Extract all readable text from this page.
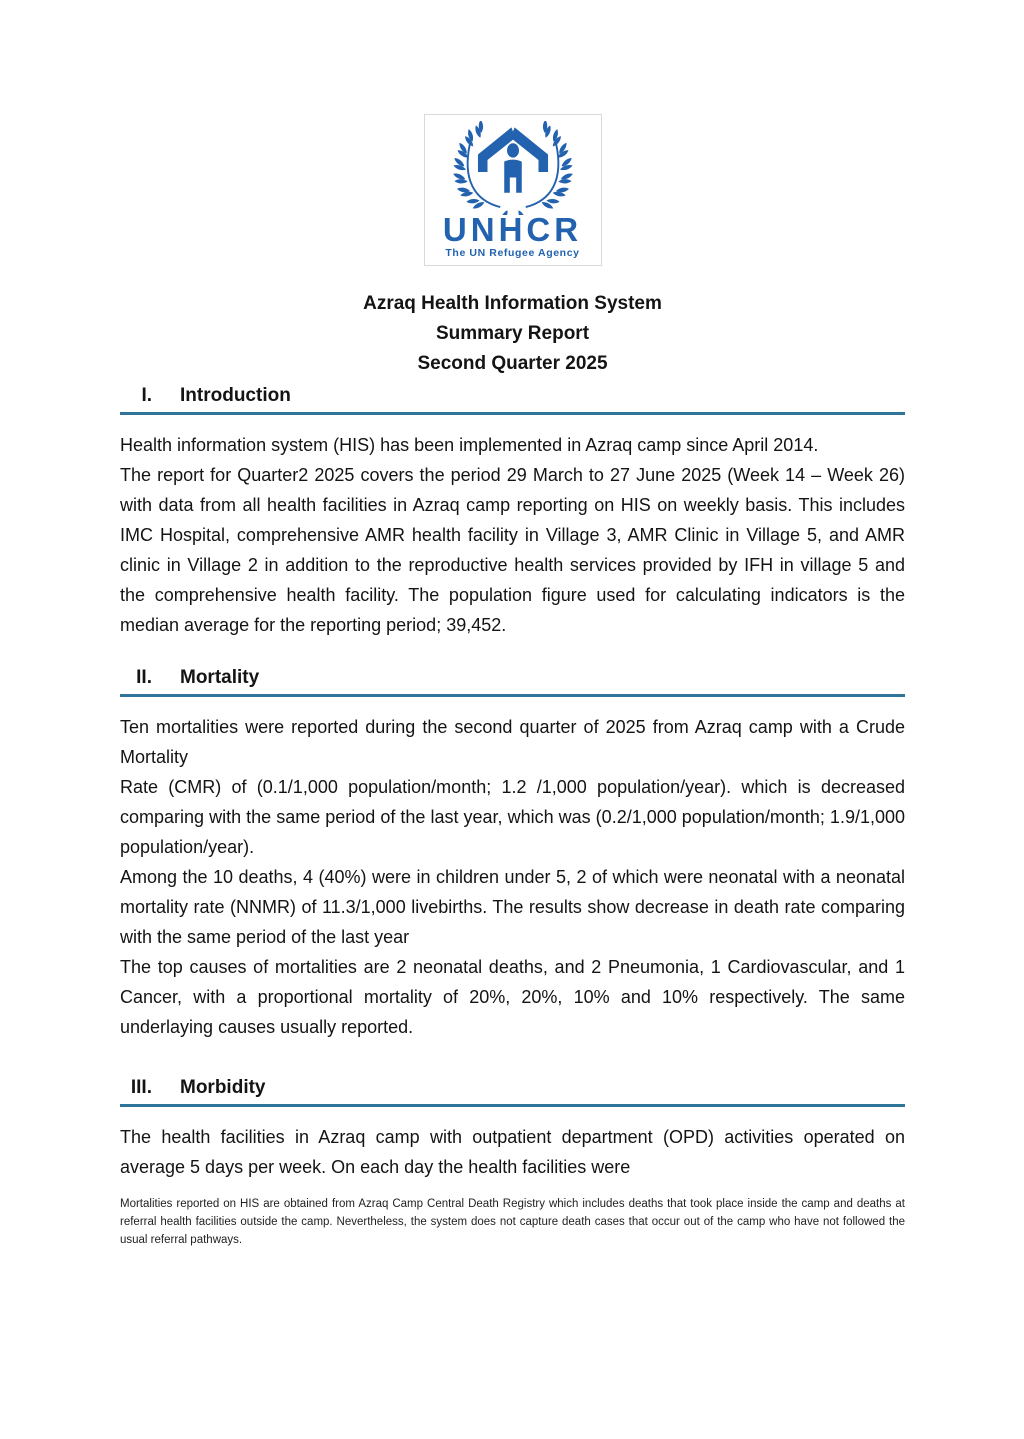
UNHCR
The UN Refugee Agency
Azraq Health Information System
Summary Report
Second Quarter 2025
I. Introduction

Health information system (HIS) has been implemented in Azraq camp since April 2014.

The report for Quarter2 2025 covers the period 29 March to 27 June 2025 (Week 14 – Week 26) with data from all health facilities in Azraq camp reporting on HIS on weekly basis. This includes IMC Hospital, comprehensive AMR health facility in Village 3, AMR Clinic in Village 5, and AMR clinic in Village 2 in addition to the reproductive health services provided by IFH in village 5 and the comprehensive health facility. The population figure used for calculating indicators is the median average for the reporting period; 39,452.

II. Mortality

Ten mortalities were reported during the second quarter of 2025 from Azraq camp with a Crude Mortality

Rate (CMR) of (0.1/1,000 population/month; 1.2 /1,000 population/year). which is decreased comparing with the same period of the last year, which was (0.2/1,000 population/month; 1.9/1,000 population/year).

Among the 10 deaths, 4 (40%) were in children under 5, 2 of which were neonatal with a neonatal mortality rate (NNMR) of 11.3/1,000 livebirths. The results show decrease in death rate comparing with the same period of the last year

The top causes of mortalities are 2 neonatal deaths, and 2 Pneumonia, 1 Cardiovascular, and 1 Cancer, with a proportional mortality of 20%, 20%, 10% and 10% respectively. The same underlaying causes usually reported.

III. Morbidity

The health facilities in Azraq camp with outpatient department (OPD) activities operated on average 5 days per week. On each day the health facilities were

Mortalities reported on HIS are obtained from Azraq Camp Central Death Registry which includes deaths that took place inside the camp and deaths at referral health facilities outside the camp. Nevertheless, the system does not capture death cases that occur out of the camp who have not followed the usual referral pathways.
